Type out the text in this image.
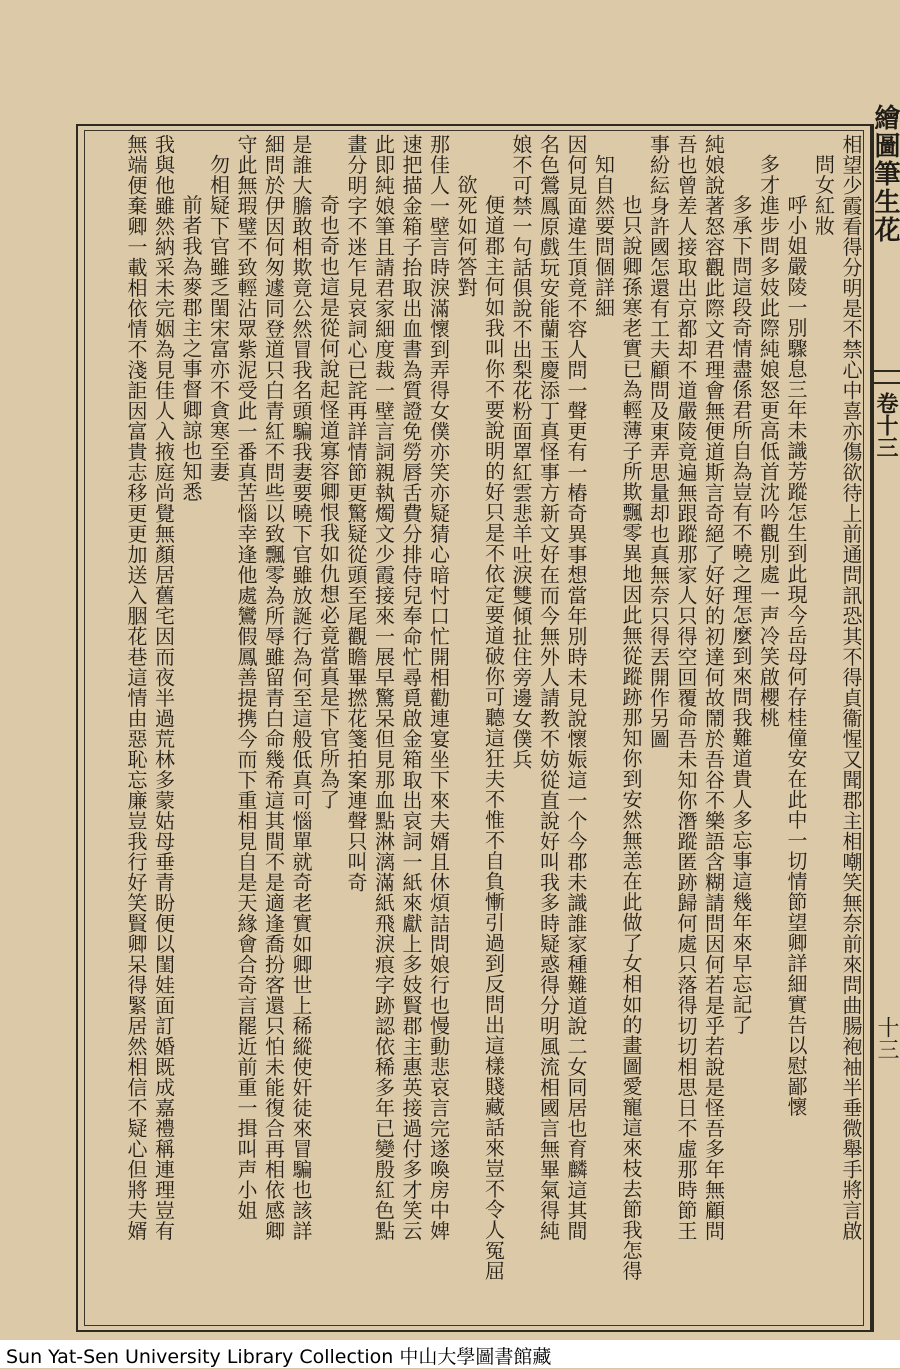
繪圖筆生花
卷十三
十三
相望少霞看得分明是不禁心中喜亦傷欲待上前通問訊恐其不得貞衞惺又聞郡主相嘲笑無奈前來問曲腸袍袖半垂微舉手將言啟
問女紅妝
　呼小姐嚴陵一別驟息三年未識芳蹤怎生到此現今岳母何存桂僮安在此中一切情節望卿詳細實告以慰鄙懷
多才進步問多妓此際純娘怒更高低首沈吟觀別處一声冷笑啟櫻桃
　多承下問這段奇情盡係君所自為豈有不曉之理怎麼到來問我難道貴人多忘事這幾年來早忘記了
純娘說著怒容觀此際文君理會無便道斯言奇絕了好好的初達何故鬧於吾谷不樂語含糊請問因何若是乎若說是怪吾多年無顧問
吾也曾差人接取出京都却不道嚴陵竟遍無跟蹤那家人只得空回覆命吾未知你潛蹤匿跡歸何處只落得切切相思日不虛那時節王
事紛紜身許國怎還有工夫顧問及東弄思量却也真無奈只得丟開作另圖
　也只說卿孫寒老實已為輕薄子所欺飄零異地因此無從蹤跡那知你到安然無恙在此做了女相如的畫圖愛寵這來枝去節我怎得
知自然要問個詳細
因何見面違生頂竟不容人問一聲更有一樁奇異事想當年別時未見說懷娠這一个今郡未識誰家種難道說二女同居也育麟這其間
名色鶯鳳原戲玩安能蘭玉慶添丁真怪事方新文好在而今無外人請教不妨從直說好叫我多時疑惑得分明風流相國言無畢氣得純
娘不可禁一句話俱說不出梨花粉面罩紅雲悲羊吐淚雙傾扯住旁邊女僕兵
　便道郡主何如我叫你不要說明的好只是不依定要道破你可聽這狂夫不惟不自負慚引過到反問出這樣賤藏話來豈不令人冤屈
　欲死如何答對
那佳人一壁言時淚滿懷到弄得女僕亦笑亦疑猜心暗忖口忙開相勸連宴坐下來夫婿且休煩詰問娘行也慢動悲哀言完遂喚房中婢
速把描金箱子抬取出血書為質證免勞唇舌費分排侍兒奉命忙尋覓啟金箱取出哀詞一紙來獻上多妓賢郡主惠英接過付多才笑云
此即純娘筆且請君家細度裁一壁言詞親執燭文少霞接來一展早驚呆但見那血點淋漓滿紙飛淚痕字跡認依稀多年已變殷紅色點
畫分明字不迷乍見哀詞心已詫再詳情節更驚疑從頭至尾觀瞻畢撚花箋拍案連聲只叫奇
　奇也奇也這是從何說起怪道寡容卿恨我如仇想必竟當真是下官所為了
是誰大膽敢相欺竟公然冒我名頭騙我妻要曉下官雖放誕行為何至這般低真可惱單就奇老實如卿世上稀縱使奸徒來冒騙也該詳
細問於伊因何匆遽同登道只白青紅不問些以致飄零為所辱雖留青白命幾希這其間不是適逢喬扮客還只怕未能復合再相依感卿
守此無瑕璧不致輕沾眾紫泥受此一番真苦惱幸逢他處鸞假鳳善提携今而下重相見自是天緣會合奇言罷近前重一揖叫声小姐
勿相疑下官雖乏閨宋富亦不貪寒至妻
　前者我為麥郡主之事督卿諒也知悉
我與他雖然納采未完姻為見佳人入掖庭尚覺無顏居舊宅因而夜半過荒林多蒙姑母垂青盼便以閨娃面訂婚既成嘉禮稱連理豈有
無端便棄卿一載相依情不淺詎因富貴志移更更加送入胭花巷這情由惡恥忘廉豈我行好笑賢卿呆得緊居然相信不疑心但將夫婿
Sun Yat-Sen University Library Collection 中山大學圖書館藏
